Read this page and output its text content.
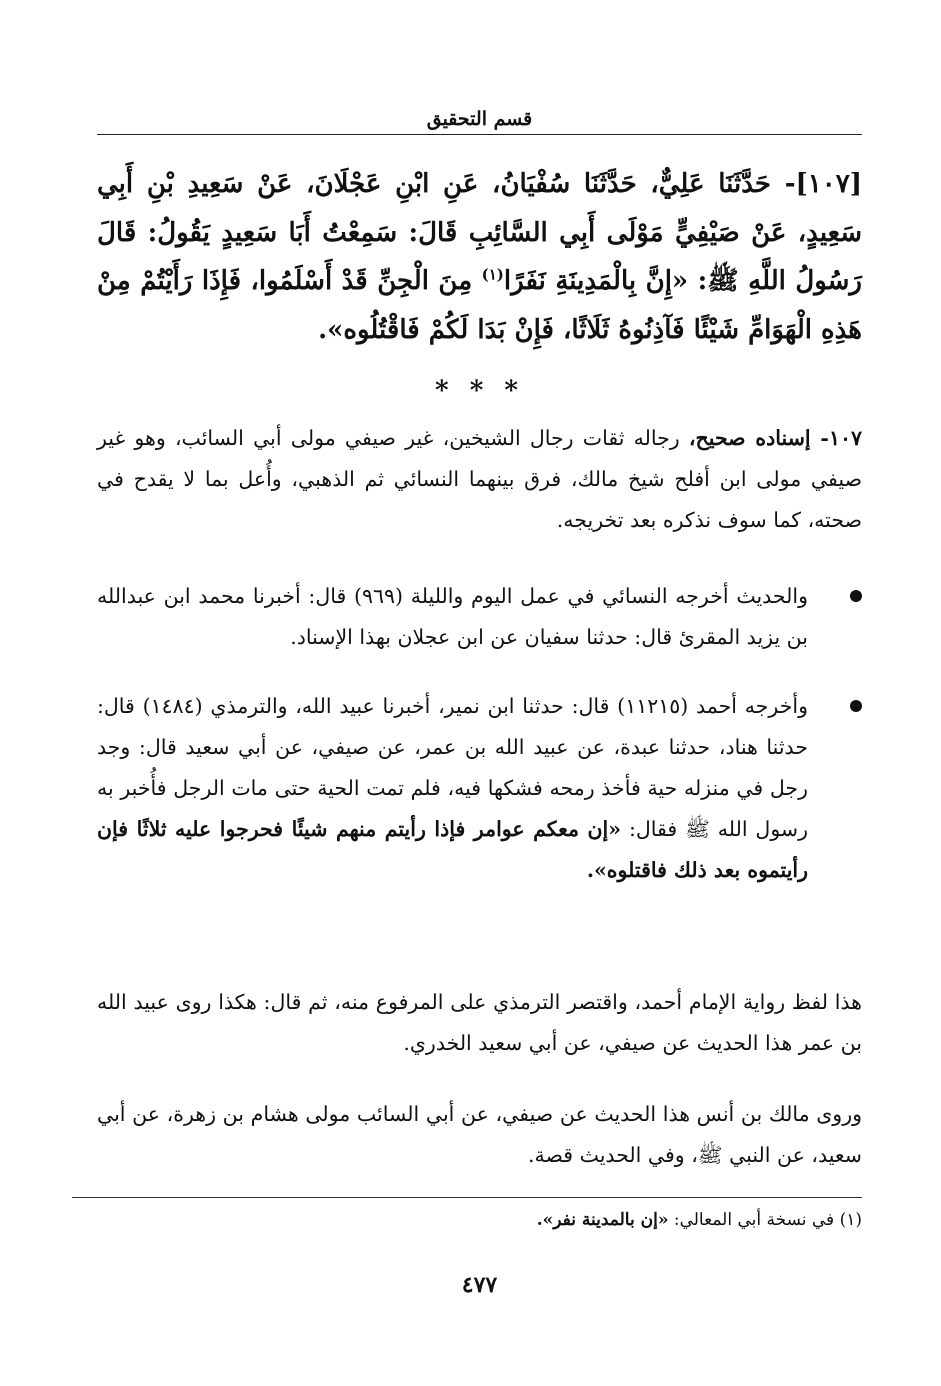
قسم التحقيق
[١٠٧]- حَدَّثَنَا عَلِيٌّ، حَدَّثَنَا سُفْيَانُ، عَنِ ابْنِ عَجْلَانَ، عَنْ سَعِيدِ بْنِ أَبِي سَعِيدٍ، عَنْ صَيْفِيٍّ مَوْلَى أَبِي السَّائِبِ قَالَ: سَمِعْتُ أَبَا سَعِيدٍ يَقُولُ: قَالَ رَسُولُ اللَّهِ ﷺ: «إِنَّ بِالْمَدِينَةِ نَفَرًا$^{(١)}$ مِنَ الْجِنِّ قَدْ أَسْلَمُوا، فَإِذَا رَأَيْتُمْ مِنْ هَذِهِ الْهَوَامِّ شَيْئًا فَآذِنُوهُ ثَلَاثًا، فَإِنْ بَدَا لَكُمْ فَاقْتُلُوه».
* * *
١٠٧- إسناده صحيح، رجاله ثقات رجال الشيخين، غير صيفي مولى أبي السائب، وهو غير صيفي مولى ابن أفلح شيخ مالك، فرق بينهما النسائي ثم الذهبي، وأُعل بما لا يقدح في صحته، كما سوف نذكره بعد تخريجه.
والحديث أخرجه النسائي في عمل اليوم والليلة (٩٦٩) قال: أخبرنا محمد ابن عبدالله بن يزيد المقرئ قال: حدثنا سفيان عن ابن عجلان بهذا الإسناد.
وأخرجه أحمد (١١٢١٥) قال: حدثنا ابن نمير، أخبرنا عبيد الله، والترمذي (١٤٨٤) قال: حدثنا هناد، حدثنا عبدة، عن عبيد الله بن عمر، عن صيفي، عن أبي سعيد قال: وجد رجل في منزله حية فأخذ رمحه فشكها فيه، فلم تمت الحية حتى مات الرجل فأُخبر به رسول الله ﷺ فقال: «إن معكم عوامر فإذا رأيتم منهم شيئًا فحرجوا عليه ثلاثًا فإن رأيتموه بعد ذلك فاقتلوه».
هذا لفظ رواية الإمام أحمد، واقتصر الترمذي على المرفوع منه، ثم قال: هكذا روى عبيد الله بن عمر هذا الحديث عن صيفي، عن أبي سعيد الخدري.
وروى مالك بن أنس هذا الحديث عن صيفي، عن أبي السائب مولى هشام بن زهرة، عن أبي سعيد، عن النبي ﷺ، وفي الحديث قصة.
(١) في نسخة أبي المعالي: «إن بالمدينة نفر».
٤٧٧
